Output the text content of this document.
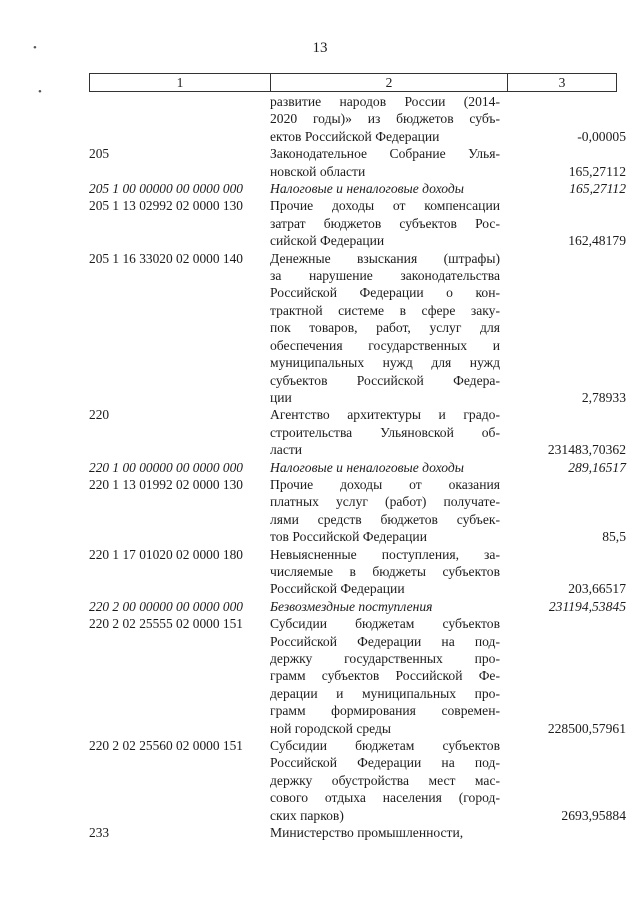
13
1	2	3
развитие народов России (2014-
2020 годы)» из бюджетов субъ-
ектов Российской Федерации	-0,00005
205	Законодательное Собрание Улья-
новской области	165,27112
205 1 00 00000 00 0000 000	Налоговые и неналоговые доходы	165,27112
205 1 13 02992 02 0000 130	Прочие доходы от компенсации
затрат бюджетов субъектов Рос-
сийской Федерации	162,48179
205 1 16 33020 02 0000 140	Денежные взыскания (штрафы)
за нарушение законодательства
Российской Федерации о кон-
трактной системе в сфере заку-
пок товаров, работ, услуг для
обеспечения государственных и
муниципальных нужд для нужд
субъектов Российской Федера-
ции	2,78933
220	Агентство архитектуры и градо-
строительства Ульяновской об-
ласти	231483,70362
220 1 00 00000 00 0000 000	Налоговые и неналоговые доходы	289,16517
220 1 13 01992 02 0000 130	Прочие доходы от оказания
платных услуг (работ) получате-
лями средств бюджетов субъек-
тов Российской Федерации	85,5
220 1 17 01020 02 0000 180	Невыясненные поступления, за-
числяемые в бюджеты субъектов
Российской Федерации	203,66517
220 2 00 00000 00 0000 000	Безвозмездные поступления	231194,53845
220 2 02 25555 02 0000 151	Субсидии бюджетам субъектов
Российской Федерации на под-
держку государственных про-
грамм субъектов Российской Фе-
дерации и муниципальных про-
грамм формирования современ-
ной городской среды	228500,57961
220 2 02 25560 02 0000 151	Субсидии бюджетам субъектов
Российской Федерации на под-
держку обустройства мест мас-
сового отдыха населения (город-
ских парков)	2693,95884
233	Министерство промышленности,
•
•
